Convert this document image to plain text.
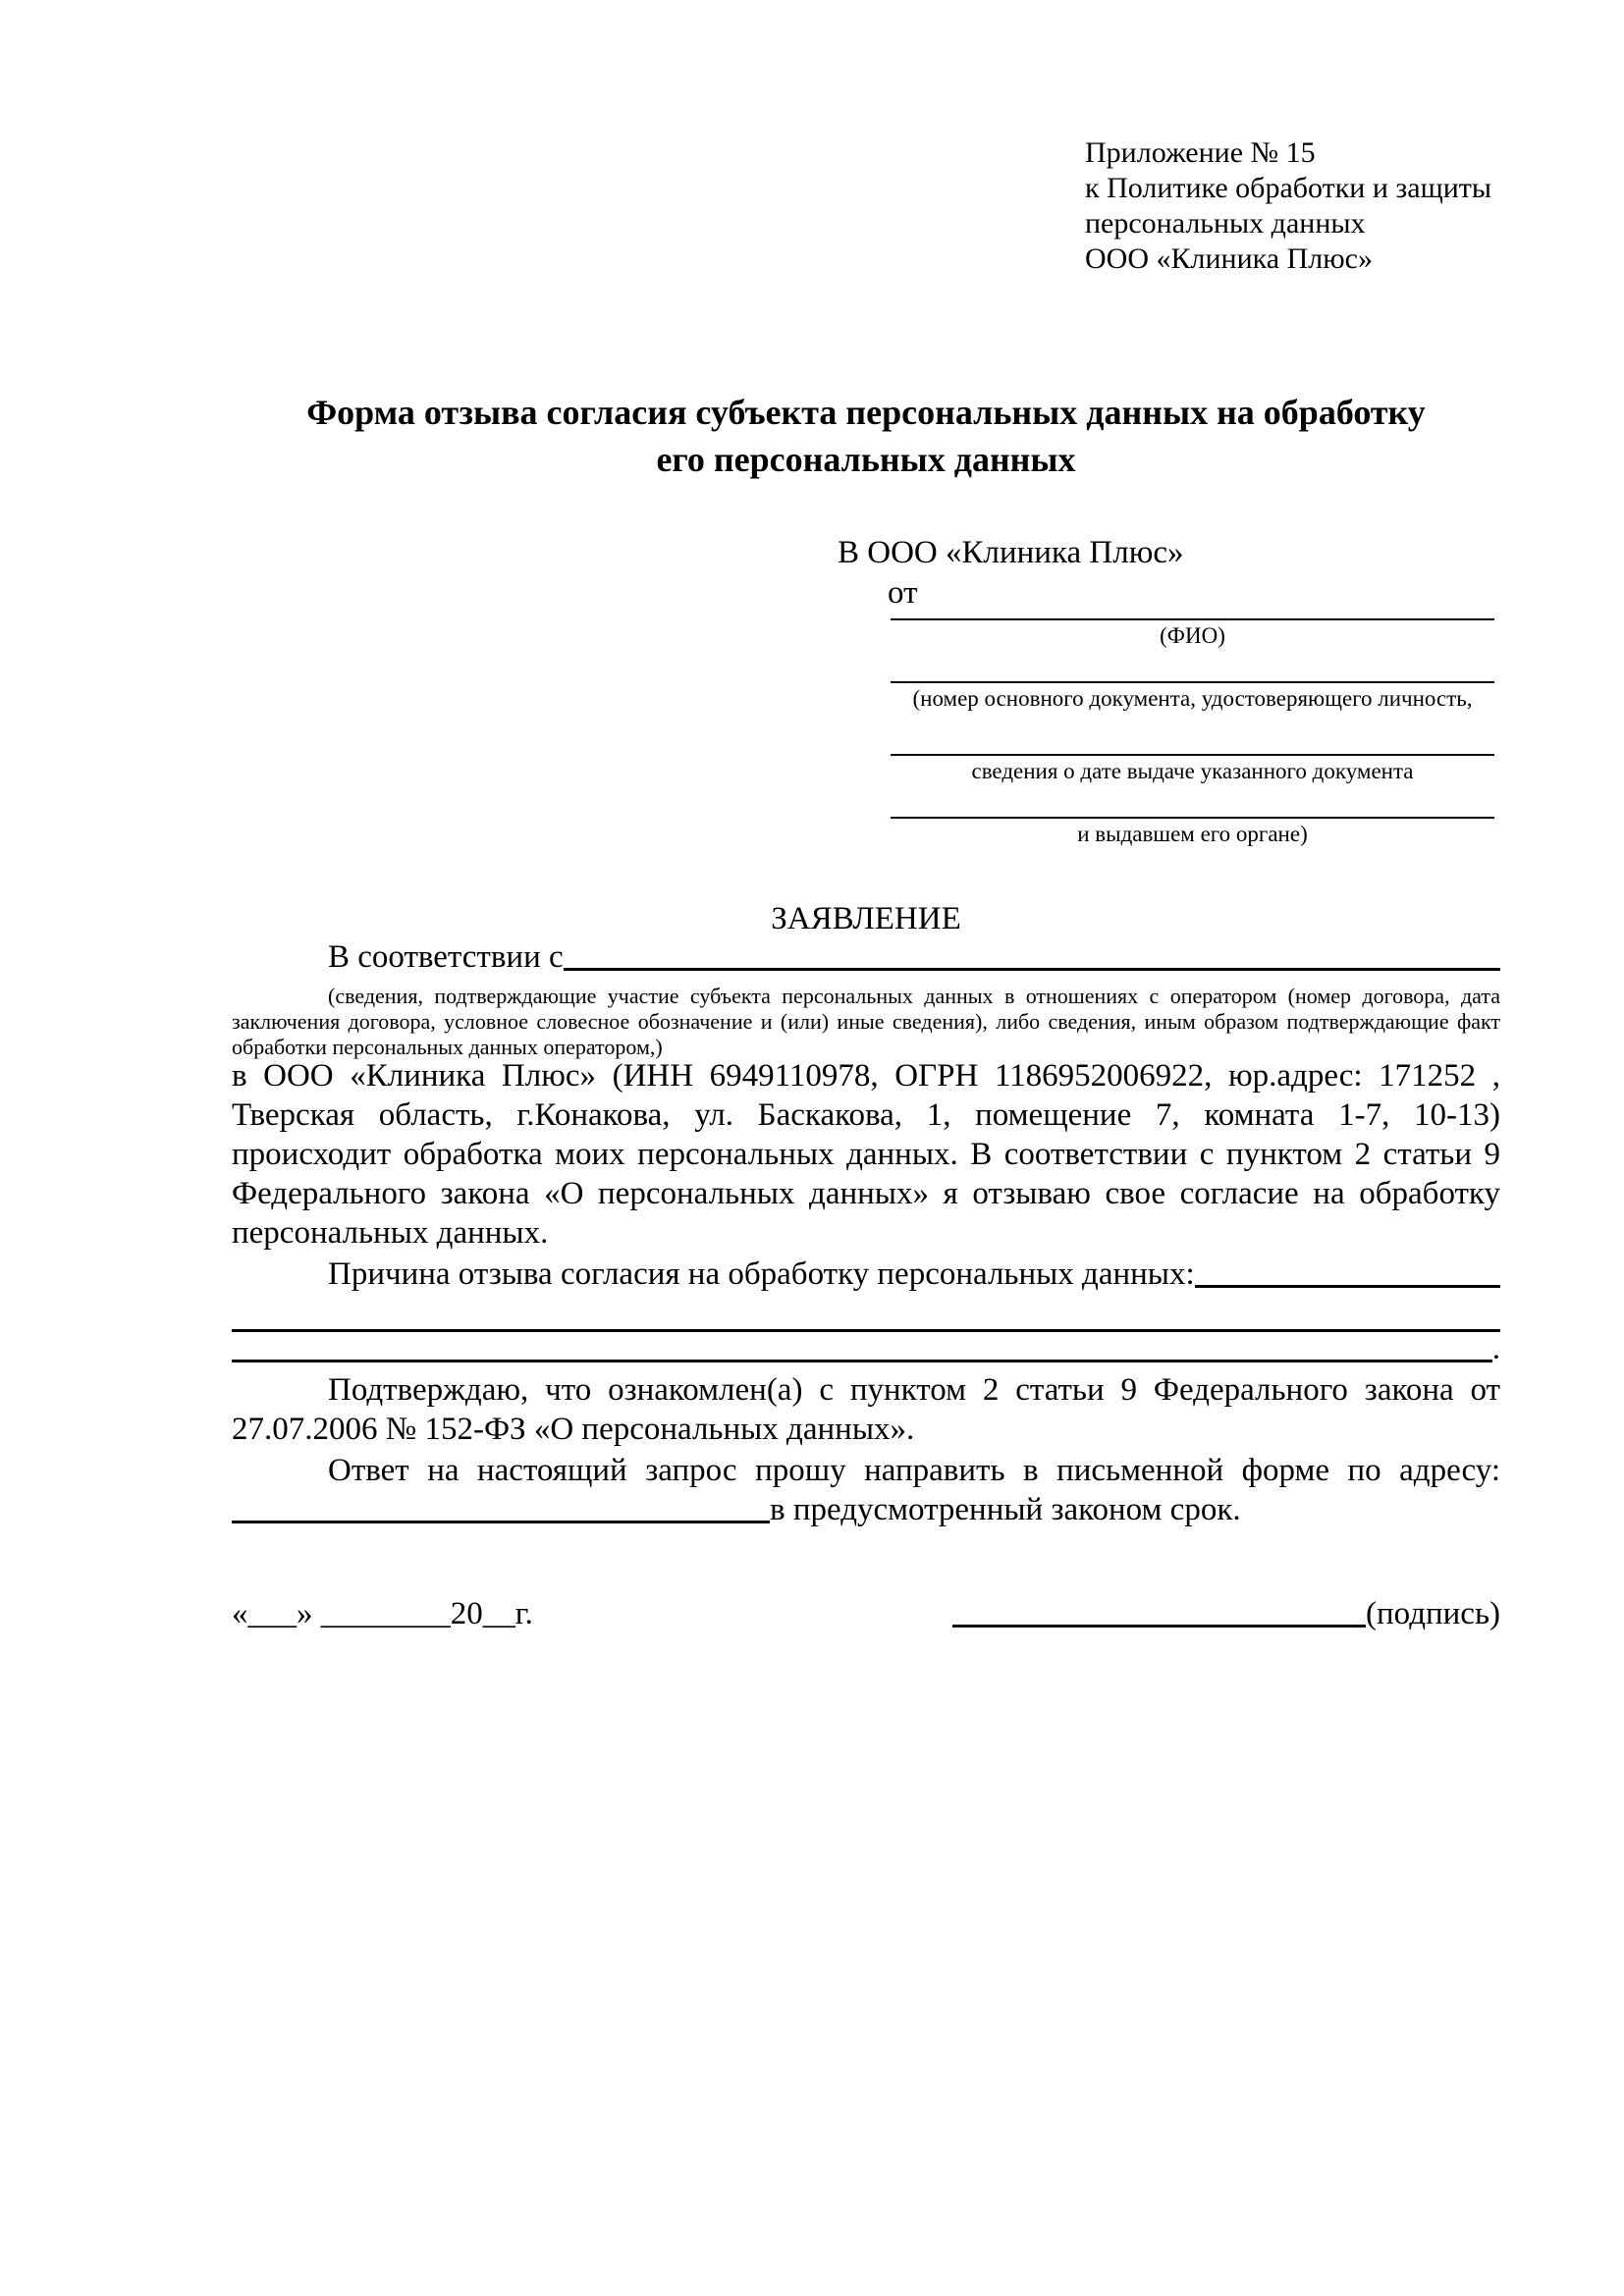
Приложение № 15
к Политике обработки и защиты
персональных данных
ООО «Клиника Плюс»
Форма отзыва согласия субъекта персональных данных на обработку
его персональных данных
В ООО «Клиника Плюс»
от
(ФИО)
(номер основного документа, удостоверяющего личность,
сведения о дате выдаче указанного документа
и выдавшем его органе)
ЗАЯВЛЕНИЕ
В соответствии с

(сведения, подтверждающие участие субъекта персональных данных в отношениях с оператором (номер договора, дата заключения договора, условное словесное обозначение и (или) иные сведения), либо сведения, иным образом подтверждающие факт обработки персональных данных оператором,)

в ООО «Клиника Плюс» (ИНН 6949110978, ОГРН 1186952006922, юр.адрес: 171252 , Тверская область, г.Конакова, ул. Баскакова, 1, помещение 7, комната 1-7, 10-13) происходит обработка моих персональных данных. В соответствии с пунктом 2 статьи 9 Федерального закона «О персональных данных» я отзываю свое согласие на обработку персональных данных.

Причина отзыва согласия на обработку персональных данных:
.

Подтверждаю, что ознакомлен(а) с пунктом 2 статьи 9 Федерального закона от 27.07.2006 № 152-ФЗ «О персональных данных».

Ответ на настоящий запрос прошу направить в письменной форме по адресу:

в предусмотренный законом срок.
«___» ________20__г.	(подпись)
